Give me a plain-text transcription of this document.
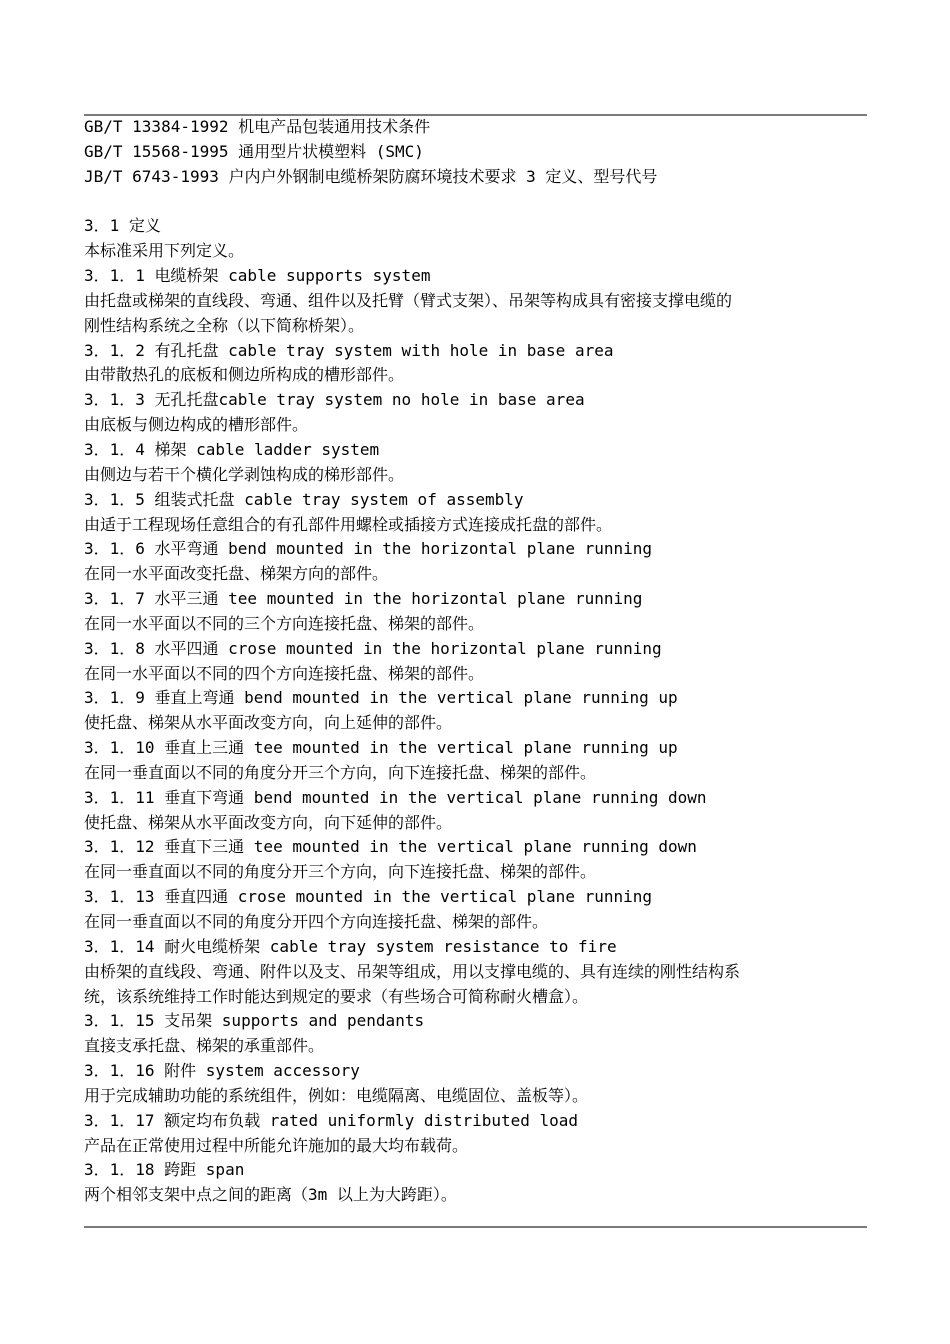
GB/T 13384-1992 机电产品包装通用技术条件
GB/T 15568-1995 通用型片状模塑料 (SMC)
JB/T 6743-1993 户内户外钢制电缆桥架防腐环境技术要求 3 定义、型号代号
3．1 定义
本标准采用下列定义。
3．1．1 电缆桥架 cable supports system
由托盘或梯架的直线段、弯通、组件以及托臂（臂式支架）、吊架等构成具有密接支撑电缆的
刚性结构系统之全称（以下简称桥架）。
3．1．2 有孔托盘 cable tray system with hole in base area
由带散热孔的底板和侧边所构成的槽形部件。
3．1．3 无孔托盘cable tray system no hole in base area
由底板与侧边构成的槽形部件。
3．1．4 梯架 cable ladder system
由侧边与若干个横化学剥蚀构成的梯形部件。
3．1．5 组装式托盘 cable tray system of assembly
由适于工程现场任意组合的有孔部件用螺栓或插接方式连接成托盘的部件。
3．1．6 水平弯通 bend mounted in the horizontal plane running
在同一水平面改变托盘、梯架方向的部件。
3．1．7 水平三通 tee mounted in the horizontal plane running
在同一水平面以不同的三个方向连接托盘、梯架的部件。
3．1．8 水平四通 crose mounted in the horizontal plane running
在同一水平面以不同的四个方向连接托盘、梯架的部件。
3．1．9 垂直上弯通 bend mounted in the vertical plane running up
使托盘、梯架从水平面改变方向，向上延伸的部件。
3．1．10 垂直上三通 tee mounted in the vertical plane running up
在同一垂直面以不同的角度分开三个方向，向下连接托盘、梯架的部件。
3．1．11 垂直下弯通 bend mounted in the vertical plane running down
使托盘、梯架从水平面改变方向，向下延伸的部件。
3．1．12 垂直下三通 tee mounted in the vertical plane running down
在同一垂直面以不同的角度分开三个方向，向下连接托盘、梯架的部件。
3．1．13 垂直四通 crose mounted in the vertical plane running
在同一垂直面以不同的角度分开四个方向连接托盘、梯架的部件。
3．1．14 耐火电缆桥架 cable tray system resistance to fire
由桥架的直线段、弯通、附件以及支、吊架等组成，用以支撑电缆的、具有连续的刚性结构系
统，该系统维持工作时能达到规定的要求（有些场合可简称耐火槽盒）。
3．1．15 支吊架 supports and pendants
直接支承托盘、梯架的承重部件。
3．1．16 附件 system accessory
用于完成辅助功能的系统组件，例如：电缆隔离、电缆固位、盖板等）。
3．1．17 额定均布负载 rated uniformly distributed load
产品在正常使用过程中所能允许施加的最大均布载荷。
3．1．18 跨距 span
两个相邻支架中点之间的距离（3m 以上为大跨距）。
